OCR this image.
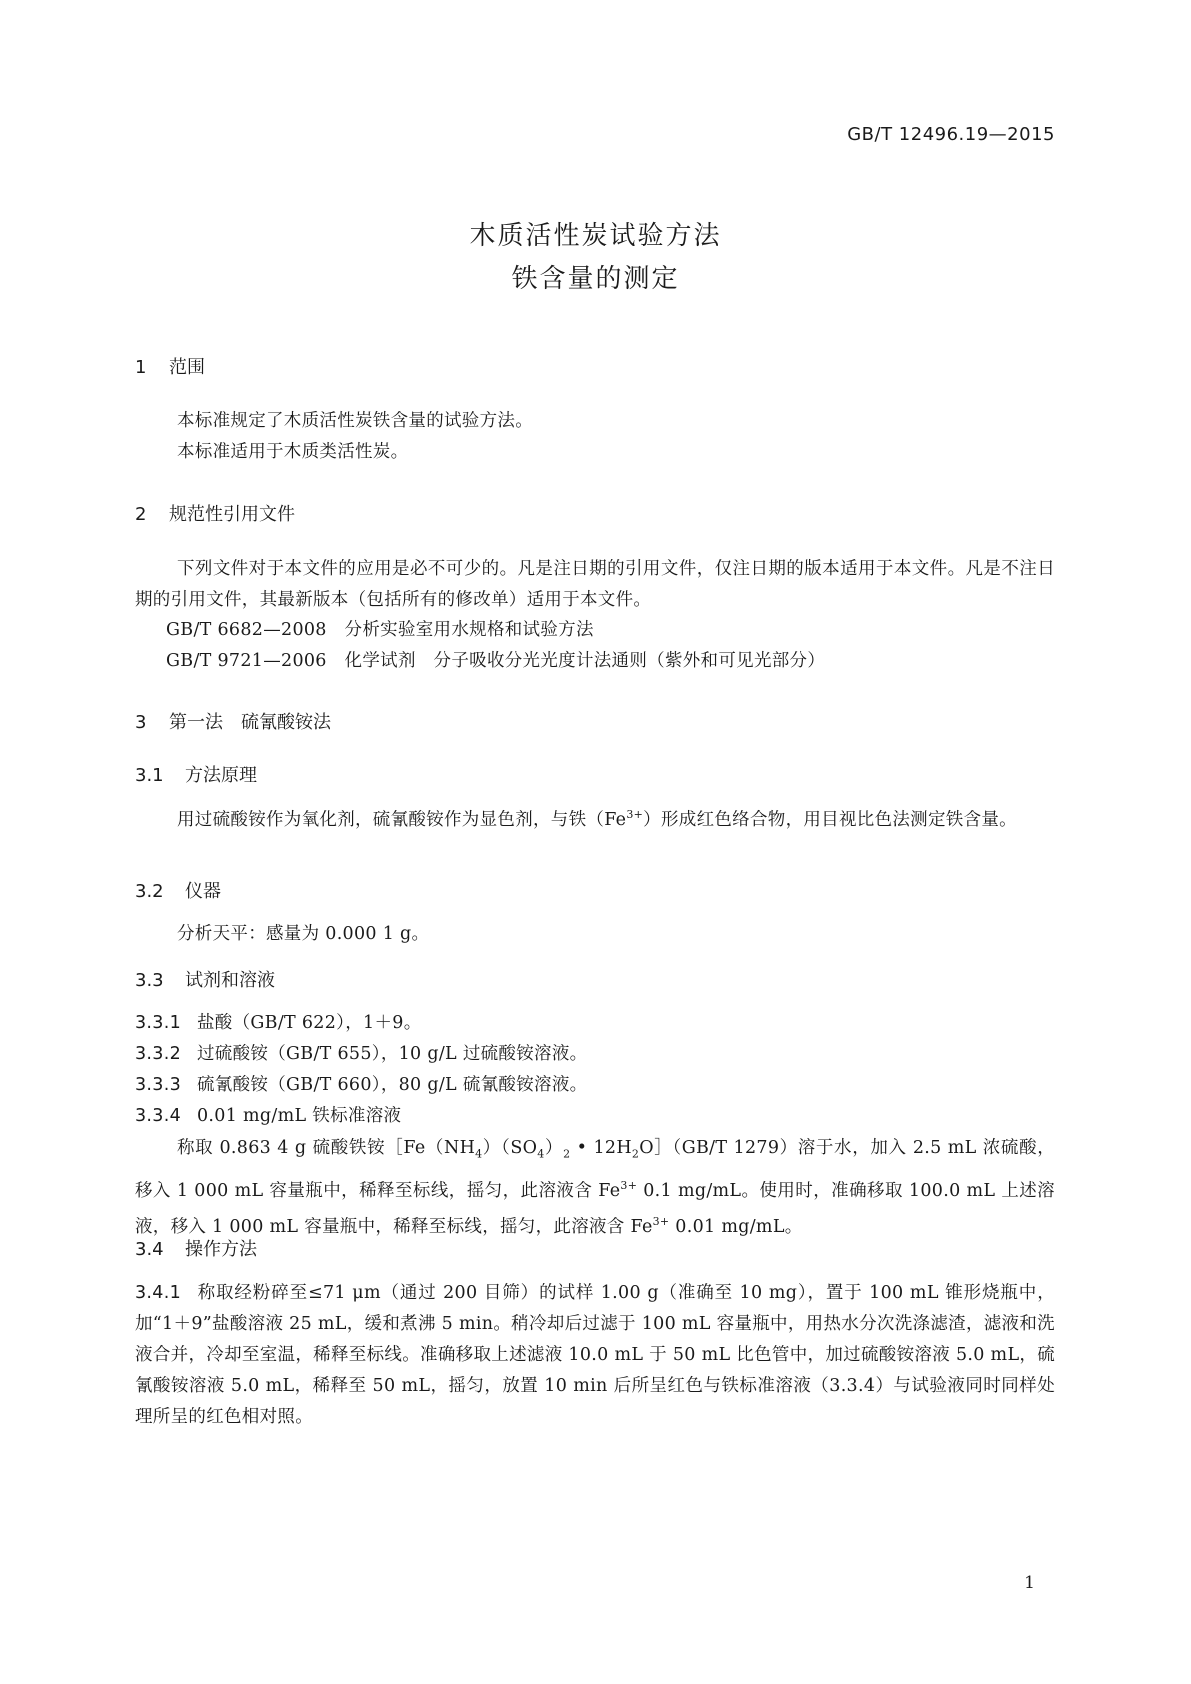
GB/T 12496.19—2015
木质活性炭试验方法
铁含量的测定
1 范围
本标准规定了木质活性炭铁含量的试验方法。
本标准适用于木质类活性炭。
2 规范性引用文件
下列文件对于本文件的应用是必不可少的。凡是注日期的引用文件，仅注日期的版本适用于本文件。凡是不注日期的引用文件，其最新版本（包括所有的修改单）适用于本文件。
GB/T 6682—2008　分析实验室用水规格和试验方法
GB/T 9721—2006　化学试剂　分子吸收分光光度计法通则（紫外和可见光部分）
3 第一法　硫氰酸铵法
3.1 方法原理
用过硫酸铵作为氧化剂，硫氰酸铵作为显色剂，与铁$(Fe^{3+})$形成红色络合物，用目视比色法测定铁含量。
3.2 仪器
分析天平：感量为 0.000 1 g。
3.3 试剂和溶液
3.3.1 盐酸（GB/T 622），1＋9。
3.3.2 过硫酸铵（GB/T 655），10 g/L 过硫酸铵溶液。
3.3.3 硫氰酸铵（GB/T 660），80 g/L 硫氰酸铵溶液。
3.3.4 0.01 mg/mL 铁标准溶液
称取 0.863 4 g 硫酸铁铵$[Fe(NH_4)(SO_4)_2$ • $12H_2O](GB/T$ 1279）溶于水，加入 2.5 mL 浓硫酸，移入 1 000 mL 容量瓶中，稀释至标线，摇匀，此溶液含 $Fe^{3+}$ 0.1 mg/mL。使用时，准确移取 100.0 mL 上述溶液，移入 1 000 mL 容量瓶中，稀释至标线，摇匀，此溶液含 $Fe^{3+}$ 0.01 mg/mL。
3.4 操作方法
3.4.1 称取经粉碎至≤71 μm（通过 200 目筛）的试样 1.00 g（准确至 10 mg），置于 100 mL 锥形烧瓶中，加“1＋9”盐酸溶液 25 mL，缓和煮沸 5 min。稍冷却后过滤于 100 mL 容量瓶中，用热水分次洗涤滤渣，滤液和洗液合并，冷却至室温，稀释至标线。准确移取上述滤液 10.0 mL 于 50 mL 比色管中，加过硫酸铵溶液 5.0 mL，硫氰酸铵溶液 5.0 mL，稀释至 50 mL，摇匀，放置 10 min 后所呈红色与铁标准溶液（3.3.4）与试验液同时同样处理所呈的红色相对照。
1
